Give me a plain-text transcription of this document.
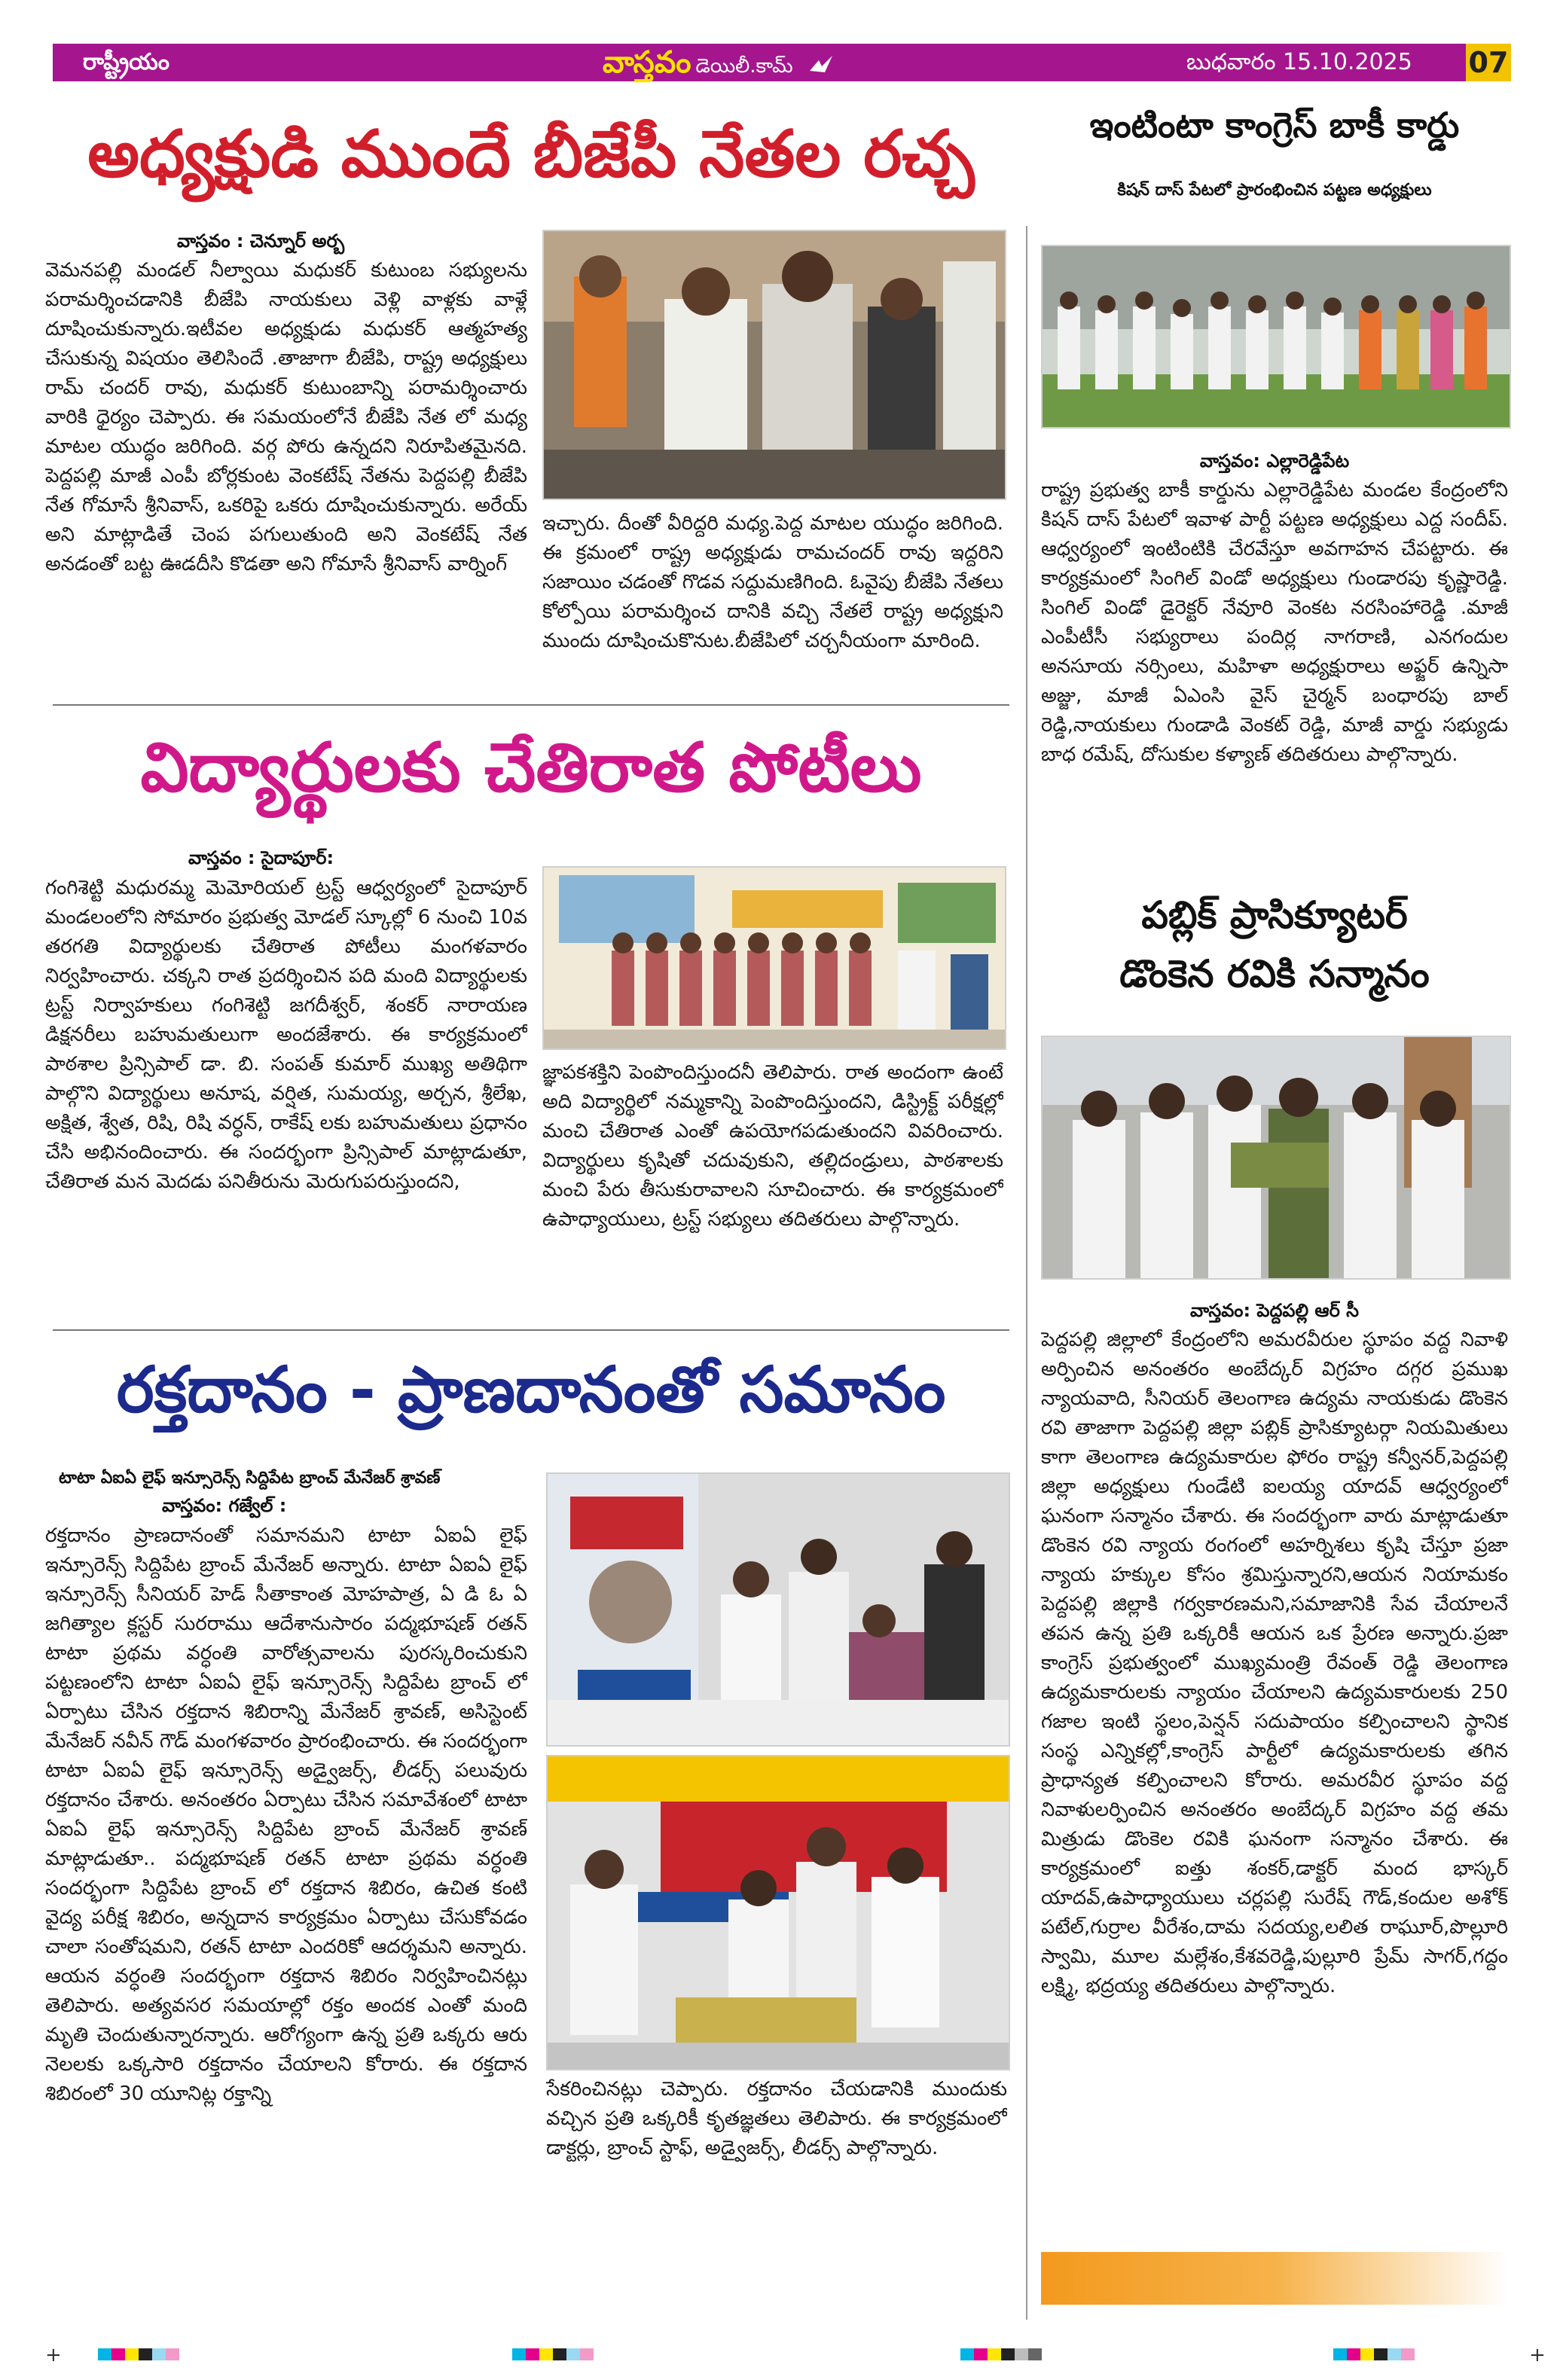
రాష్ట్రీయం	వాస్తవం డెయిలీ.కామ్	బుధవారం 15.10.2025 07
అధ్యక్షుడి ముందే బీజేపీ నేతల రచ్చ
వాస్తవం : చెన్నూర్ అర్బ
వెమనపల్లి మండల్ నీల్వాయి మధుకర్ కుటుంబ సభ్యులను పరామర్శించడానికి బీజేపి నాయకులు వెళ్లి వాళ్లకు వాళ్లే దూషించుకున్నారు.ఇటీవల అధ్యక్షుడు మధుకర్ ఆత్మహత్య చేసుకున్న విషయం తెలిసిందే .తాజాగా బీజేపి, రాష్ట్ర అధ్యక్షులు రామ్ చందర్ రావు, మధుకర్ కుటుంబాన్ని పరామర్శించారు వారికి ధైర్యం చెప్పారు. ఈ సమయంలోనే బీజేపి నేత లో మధ్య మాటల యుద్ధం జరిగింది. వర్గ పోరు ఉన్నదని నిరూపితమైనది. పెద్దపల్లి మాజీ ఎంపీ బోర్లకుంట వెంకటేష్ నేతను పెద్దపల్లి బీజేపి నేత గోమాసే శ్రీనివాస్, ఒకరిపై ఒకరు దూషించుకున్నారు. అరేయ్ అని మాట్లాడితే చెంప పగులుతుంది అని వెంకటేష్ నేత అనడంతో బట్ట ఊడదీసి కొడతా అని గోమాసే శ్రీనివాస్ వార్నింగ్
ఇచ్చారు. దీంతో వీరిద్దరి మధ్య.పెద్ద మాటల యుద్ధం జరిగింది. ఈ క్రమంలో రాష్ట్ర అధ్యక్షుడు రామచందర్ రావు ఇద్దరిని సజాయిం చడంతో గొడవ సద్దుమణిగింది. ఓవైపు బీజేపి నేతలు కోల్పోయి పరామర్శించ దానికి వచ్చి నేతలే రాష్ట్ర అధ్యక్షుని ముందు దూషించుకొనుట.బీజేపిలో చర్చనీయంగా మారింది.
విద్యార్థులకు చేతిరాత పోటీలు
వాస్తవం : సైదాపూర్:
గంగిశెట్టి మధురమ్మ మెమోరియల్ ట్రస్ట్ ఆధ్వర్యంలో సైదాపూర్ మండలంలోని సోమారం ప్రభుత్వ మోడల్ స్కూల్లో 6 నుంచి 10వ తరగతి విద్యార్థులకు చేతిరాత పోటీలు మంగళవారం నిర్వహించారు. చక్కని రాత ప్రదర్శించిన పది మంది విద్యార్థులకు ట్రస్ట్ నిర్వాహకులు గంగిశెట్టి జగదీశ్వర్, శంకర్ నారాయణ డిక్షనరీలు బహుమతులుగా అందజేశారు. ఈ కార్యక్రమంలో పాఠశాల ప్రిన్సిపాల్ డా. బి. సంపత్ కుమార్ ముఖ్య అతిథిగా పాల్గొని విద్యార్థులు అనూష, వర్షిత, సుమయ్య, అర్చన, శ్రీలేఖ, అక్షిత, శ్వేత, రిషి, రిషి వర్ధన్, రాకేష్ లకు బహుమతులు ప్రధానం చేసి అభినందించారు. ఈ సందర్భంగా ప్రిన్సిపాల్ మాట్లాడుతూ, చేతిరాత మన మెదడు పనితీరును మెరుగుపరుస్తుందని,
జ్ఞాపకశక్తిని పెంపొందిస్తుందనీ తెలిపారు. రాత అందంగా ఉంటే అది విద్యార్థిలో నమ్మకాన్ని పెంపొందిస్తుందని, డిస్ట్రిక్ట్ పరీక్షల్లో మంచి చేతిరాత ఎంతో ఉపయోగపడుతుందని వివరించారు. విద్యార్థులు కృషితో చదువుకుని, తల్లిదండ్రులు, పాఠశాలకు మంచి పేరు తీసుకురావాలని సూచించారు. ఈ కార్యక్రమంలో ఉపాధ్యాయులు, ట్రస్ట్ సభ్యులు తదితరులు పాల్గొన్నారు.
రక్తదానం - ప్రాణదానంతో సమానం
టాటా ఏఐఏ లైఫ్ ఇన్సూరెన్స్ సిద్దిపేట బ్రాంచ్ మేనేజర్ శ్రావణ్
వాస్తవం: గజ్వేల్ :
రక్తదానం ప్రాణదానంతో సమానమని టాటా ఏఐఏ లైఫ్ ఇన్సూరెన్స్ సిద్దిపేట బ్రాంచ్ మేనేజర్ అన్నారు. టాటా ఏఐఏ లైఫ్ ఇన్సూరెన్స్ సీనియర్ హెడ్ సీతాకాంత మోహపాత్ర, ఏ డి ఓ ఏ జగిత్యాల క్లస్టర్ సురరాము ఆదేశానుసారం పద్మభూషణ్ రతన్ టాటా ప్రథమ వర్ధంతి వారోత్సవాలను పురస్కరించుకుని పట్టణంలోని టాటా ఏఐఏ లైఫ్ ఇన్సూరెన్స్ సిద్దిపేట బ్రాంచ్ లో ఏర్పాటు చేసిన రక్తదాన శిబిరాన్ని మేనేజర్ శ్రావణ్, అసిస్టెంట్ మేనేజర్ నవీన్ గౌడ్ మంగళవారం ప్రారంభించారు. ఈ సందర్భంగా టాటా ఏఐఏ లైఫ్ ఇన్సూరెన్స్ అడ్వైజర్స్, లీడర్స్ పలువురు రక్తదానం చేశారు. అనంతరం ఏర్పాటు చేసిన సమావేశంలో టాటా ఏఐఏ లైఫ్ ఇన్సూరెన్స్ సిద్దిపేట బ్రాంచ్ మేనేజర్ శ్రావణ్ మాట్లాడుతూ.. పద్మభూషణ్ రతన్ టాటా ప్రథమ వర్ధంతి సందర్భంగా సిద్దిపేట బ్రాంచ్ లో రక్తదాన శిబిరం, ఉచిత కంటి వైద్య పరీక్ష శిబిరం, అన్నదాన కార్యక్రమం ఏర్పాటు చేసుకోవడం చాలా సంతోషమని, రతన్ టాటా ఎందరికో ఆదర్శమని అన్నారు. ఆయన వర్ధంతి సందర్భంగా రక్తదాన శిబిరం నిర్వహించినట్లు తెలిపారు. అత్యవసర సమయాల్లో రక్తం అందక ఎంతో మంది మృతి చెందుతున్నారన్నారు. ఆరోగ్యంగా ఉన్న ప్రతి ఒక్కరు ఆరు నెలలకు ఒక్కసారి రక్తదానం చేయాలని కోరారు. ఈ రక్తదాన శిబిరంలో 30 యూనిట్ల రక్తాన్ని	సేకరించినట్లు చెప్పారు. రక్తదానం చేయడానికి ముందుకు వచ్చిన ప్రతి ఒక్కరికీ కృతజ్ఞతలు తెలిపారు. ఈ కార్యక్రమంలో డాక్టర్లు, బ్రాంచ్ స్టాఫ్, అడ్వైజర్స్, లీడర్స్ పాల్గొన్నారు.
ఇంటింటా కాంగ్రెస్ బాకీ కార్డు
కిషన్ దాస్ పేటలో ప్రారంభించిన పట్టణ అధ్యక్షులు
వాస్తవం: ఎల్లారెడ్డిపేట
రాష్ట్ర ప్రభుత్వ బాకీ కార్డును ఎల్లారెడ్డిపేట మండల కేంద్రంలోని కిషన్ దాస్ పేటలో ఇవాళ పార్టీ పట్టణ అధ్యక్షులు ఎద్ద సందీప్. ఆధ్వర్యంలో ఇంటింటికి చేరవేస్తూ అవగాహన చేపట్టారు. ఈ కార్యక్రమంలో సింగిల్ విండో అధ్యక్షులు గుండారపు కృష్ణారెడ్డి. సింగిల్ విండో డైరెక్టర్ నేవూరి వెంకట నరసింహారెడ్డి .మాజీ ఎంపీటీసీ సభ్యురాలు పందిర్ల నాగరాణి, ఎనగందుల అనసూయ నర్సింలు, మహిళా అధ్యక్షురాలు అఫ్జర్ ఉన్నిసా అజ్జు, మాజీ ఏఎంసి వైస్ చైర్మన్ బంధారపు బాల్ రెడ్డి,నాయకులు గుండాడి వెంకట్ రెడ్డి, మాజీ వార్డు సభ్యుడు బాధ రమేష్, దోసుకుల కళ్యాణ్ తదితరులు పాల్గొన్నారు.
పబ్లిక్ ప్రాసిక్యూటర్
డొంకెన రవికి సన్మానం
వాస్తవం: పెద్దపల్లి ఆర్ సీ
పెద్దపల్లి జిల్లాలో కేంద్రంలోని అమరవీరుల స్థూపం వద్ద నివాళి అర్పించిన అనంతరం అంబేద్కర్ విగ్రహం దగ్గర ప్రముఖ న్యాయవాది, సీనియర్ తెలంగాణ ఉద్యమ నాయకుడు డొంకెన రవి తాజాగా పెద్దపల్లి జిల్లా పబ్లిక్ ప్రాసిక్యూటర్గా నియమితులు కాగా తెలంగాణ ఉద్యమకారుల ఫోరం రాష్ట్ర కన్వీనర్,పెద్దపల్లి జిల్లా అధ్యక్షులు గుండేటి ఐలయ్య యాదవ్ ఆధ్వర్యంలో ఘనంగా సన్మానం చేశారు. ఈ సందర్భంగా వారు మాట్లాడుతూ డొంకెన రవి న్యాయ రంగంలో అహర్నిశలు కృషి చేస్తూ ప్రజా న్యాయ హక్కుల కోసం శ్రమిస్తున్నారని,ఆయన నియామకం పెద్దపల్లి జిల్లాకి గర్వకారణమని,సమాజానికి సేవ చేయాలనే తపన ఉన్న ప్రతి ఒక్కరికీ ఆయన ఒక ప్రేరణ అన్నారు.ప్రజా కాంగ్రెస్ ప్రభుత్వంలో ముఖ్యమంత్రి రేవంత్ రెడ్డి తెలంగాణ ఉద్యమకారులకు న్యాయం చేయాలని ఉద్యమకారులకు 250 గజాల ఇంటి స్థలం,పెన్షన్ సదుపాయం కల్పించాలని స్థానిక సంస్థ ఎన్నికల్లో,కాంగ్రెస్ పార్టీలో ఉద్యమకారులకు తగిన ప్రాధాన్యత కల్పించాలని కోరారు. అమరవీర స్థూపం వద్ద నివాళులర్పించిన అనంతరం అంబేద్కర్ విగ్రహం వద్ద తమ మిత్రుడు డొంకెల రవికి ఘనంగా సన్మానం చేశారు. ఈ కార్యక్రమంలో ఐత్తు శంకర్,డాక్టర్ మంద భాస్కర్ యాదవ్,ఉపాధ్యాయులు చర్లపల్లి సురేష్ గౌడ్,కందుల అశోక్ పటేల్,గుర్రాల వీరేశం,దామ సదయ్య,లలిత రాఘూర్,పొల్లూరి స్వామి, మూల మల్లేశం,కేశవరెడ్డి,పుల్లూరి ప్రేమ్ సాగర్,గద్దం లక్ష్మి, భద్రయ్య తదితరులు పాల్గొన్నారు.
+	+
